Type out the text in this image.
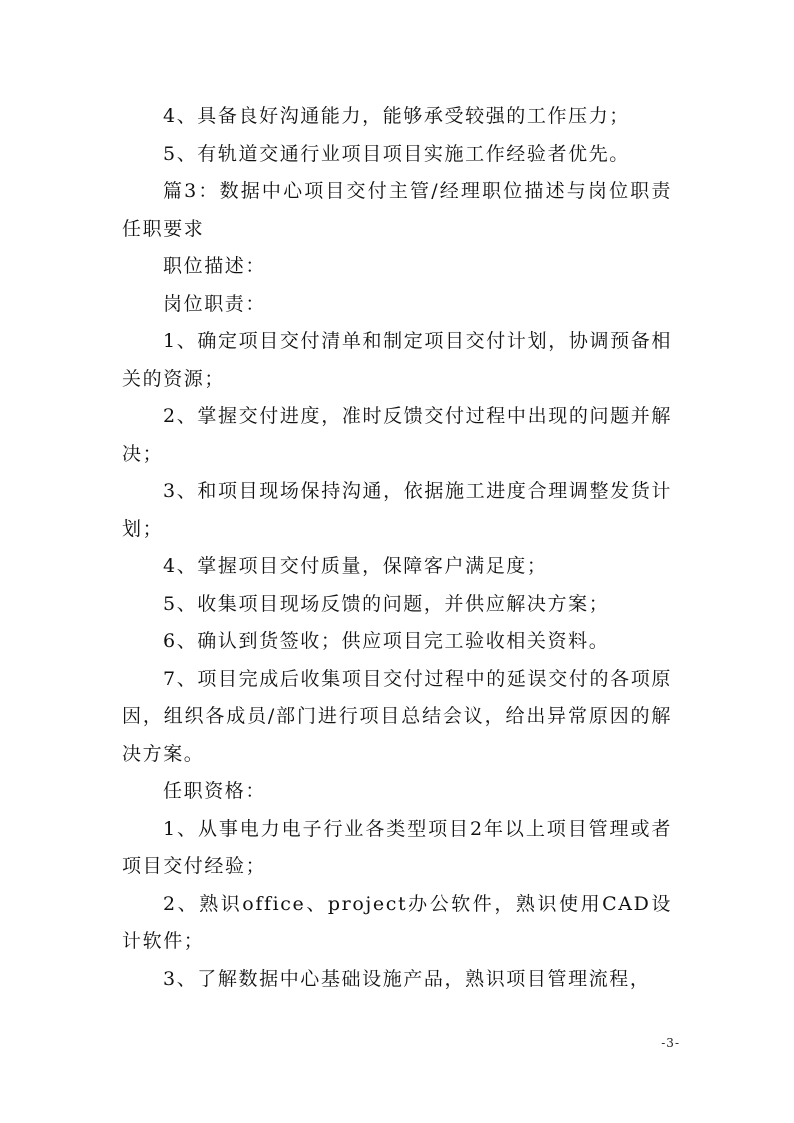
4、具备良好沟通能力，能够承受较强的工作压力；

5、有轨道交通行业项目项目实施工作经验者优先。

篇3：数据中心项目交付主管/经理职位描述与岗位职责任职要求

职位描述：

岗位职责：

1、确定项目交付清单和制定项目交付计划，协调预备相关的资源；

2、掌握交付进度，准时反馈交付过程中出现的问题并解决；

3、和项目现场保持沟通，依据施工进度合理调整发货计划；

4、掌握项目交付质量，保障客户满足度；

5、收集项目现场反馈的问题，并供应解决方案；

6、确认到货签收；供应项目完工验收相关资料。

7、项目完成后收集项目交付过程中的延误交付的各项原因，组织各成员/部门进行项目总结会议，给出异常原因的解决方案。

任职资格：

1、从事电力电子行业各类型项目2年以上项目管理或者项目交付经验；

2、熟识office、project办公软件，熟识使用CAD设计软件；

3、了解数据中心基础设施产品，熟识项目管理流程，

-3-
